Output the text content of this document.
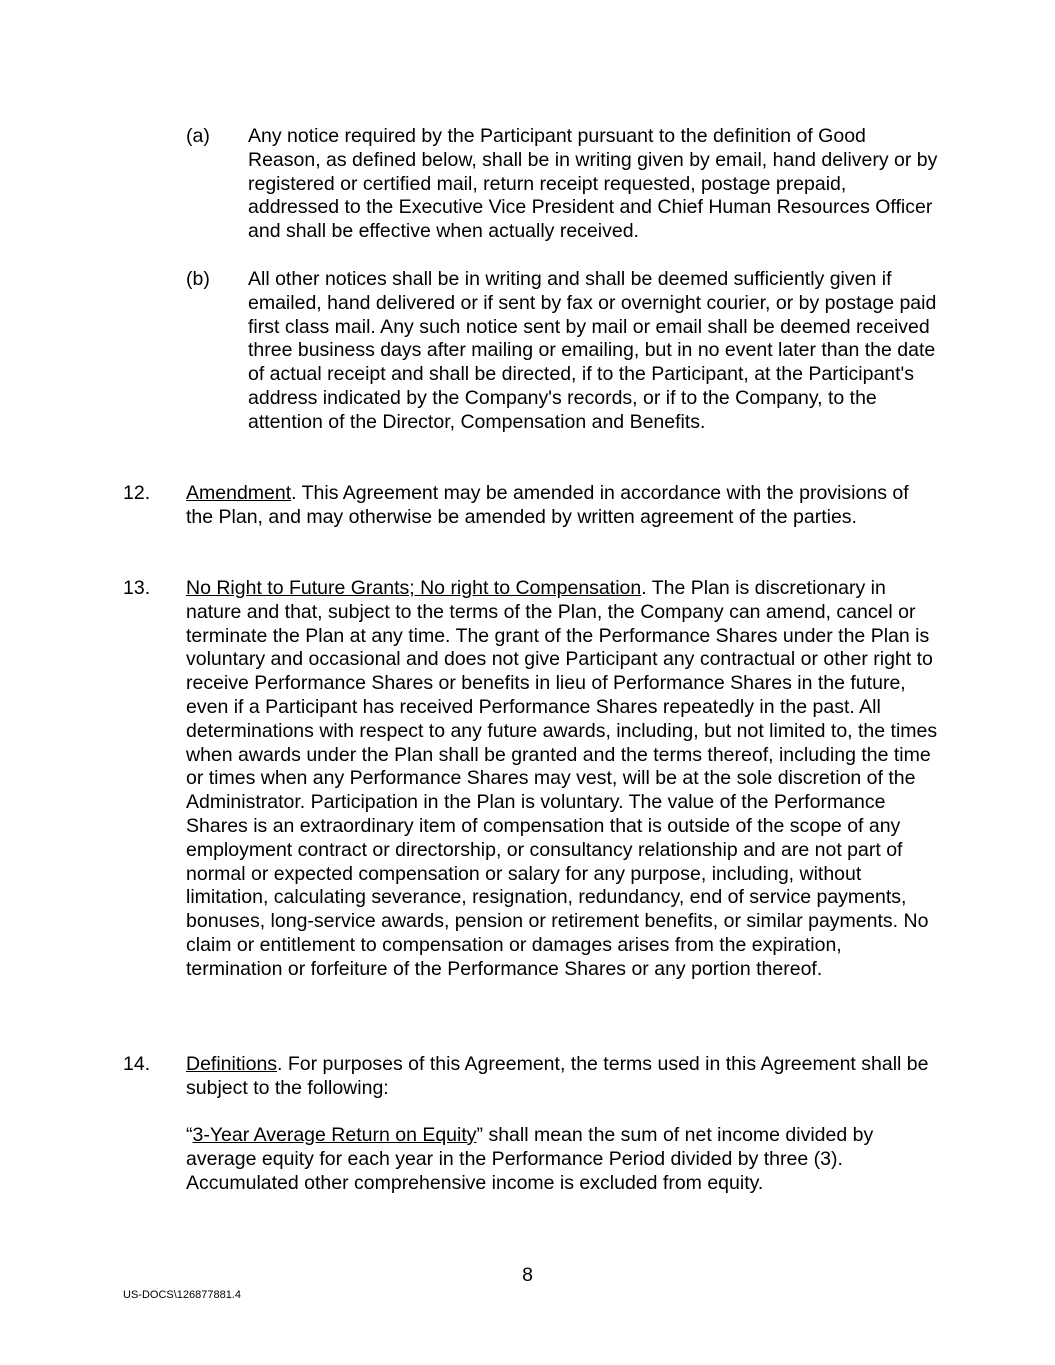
(a) Any notice required by the Participant pursuant to the definition of Good Reason, as defined below, shall be in writing given by email, hand delivery or by registered or certified mail, return receipt requested, postage prepaid, addressed to the Executive Vice President and Chief Human Resources Officer and shall be effective when actually received.
(b) All other notices shall be in writing and shall be deemed sufficiently given if emailed, hand delivered or if sent by fax or overnight courier, or by postage paid first class mail. Any such notice sent by mail or email shall be deemed received three business days after mailing or emailing, but in no event later than the date of actual receipt and shall be directed, if to the Participant, at the Participant's address indicated by the Company's records, or if to the Company, to the attention of the Director, Compensation and Benefits.
12. Amendment. This Agreement may be amended in accordance with the provisions of the Plan, and may otherwise be amended by written agreement of the parties.
13. No Right to Future Grants; No right to Compensation. The Plan is discretionary in nature and that, subject to the terms of the Plan, the Company can amend, cancel or terminate the Plan at any time. The grant of the Performance Shares under the Plan is voluntary and occasional and does not give Participant any contractual or other right to receive Performance Shares or benefits in lieu of Performance Shares in the future, even if a Participant has received Performance Shares repeatedly in the past. All determinations with respect to any future awards, including, but not limited to, the times when awards under the Plan shall be granted and the terms thereof, including the time or times when any Performance Shares may vest, will be at the sole discretion of the Administrator. Participation in the Plan is voluntary. The value of the Performance Shares is an extraordinary item of compensation that is outside of the scope of any employment contract or directorship, or consultancy relationship and are not part of normal or expected compensation or salary for any purpose, including, without limitation, calculating severance, resignation, redundancy, end of service payments, bonuses, long-service awards, pension or retirement benefits, or similar payments. No claim or entitlement to compensation or damages arises from the expiration, termination or forfeiture of the Performance Shares or any portion thereof.
14. Definitions. For purposes of this Agreement, the terms used in this Agreement shall be subject to the following:
“3-Year Average Return on Equity” shall mean the sum of net income divided by average equity for each year in the Performance Period divided by three (3). Accumulated other comprehensive income is excluded from equity.
8
US-DOCS\126877881.4
